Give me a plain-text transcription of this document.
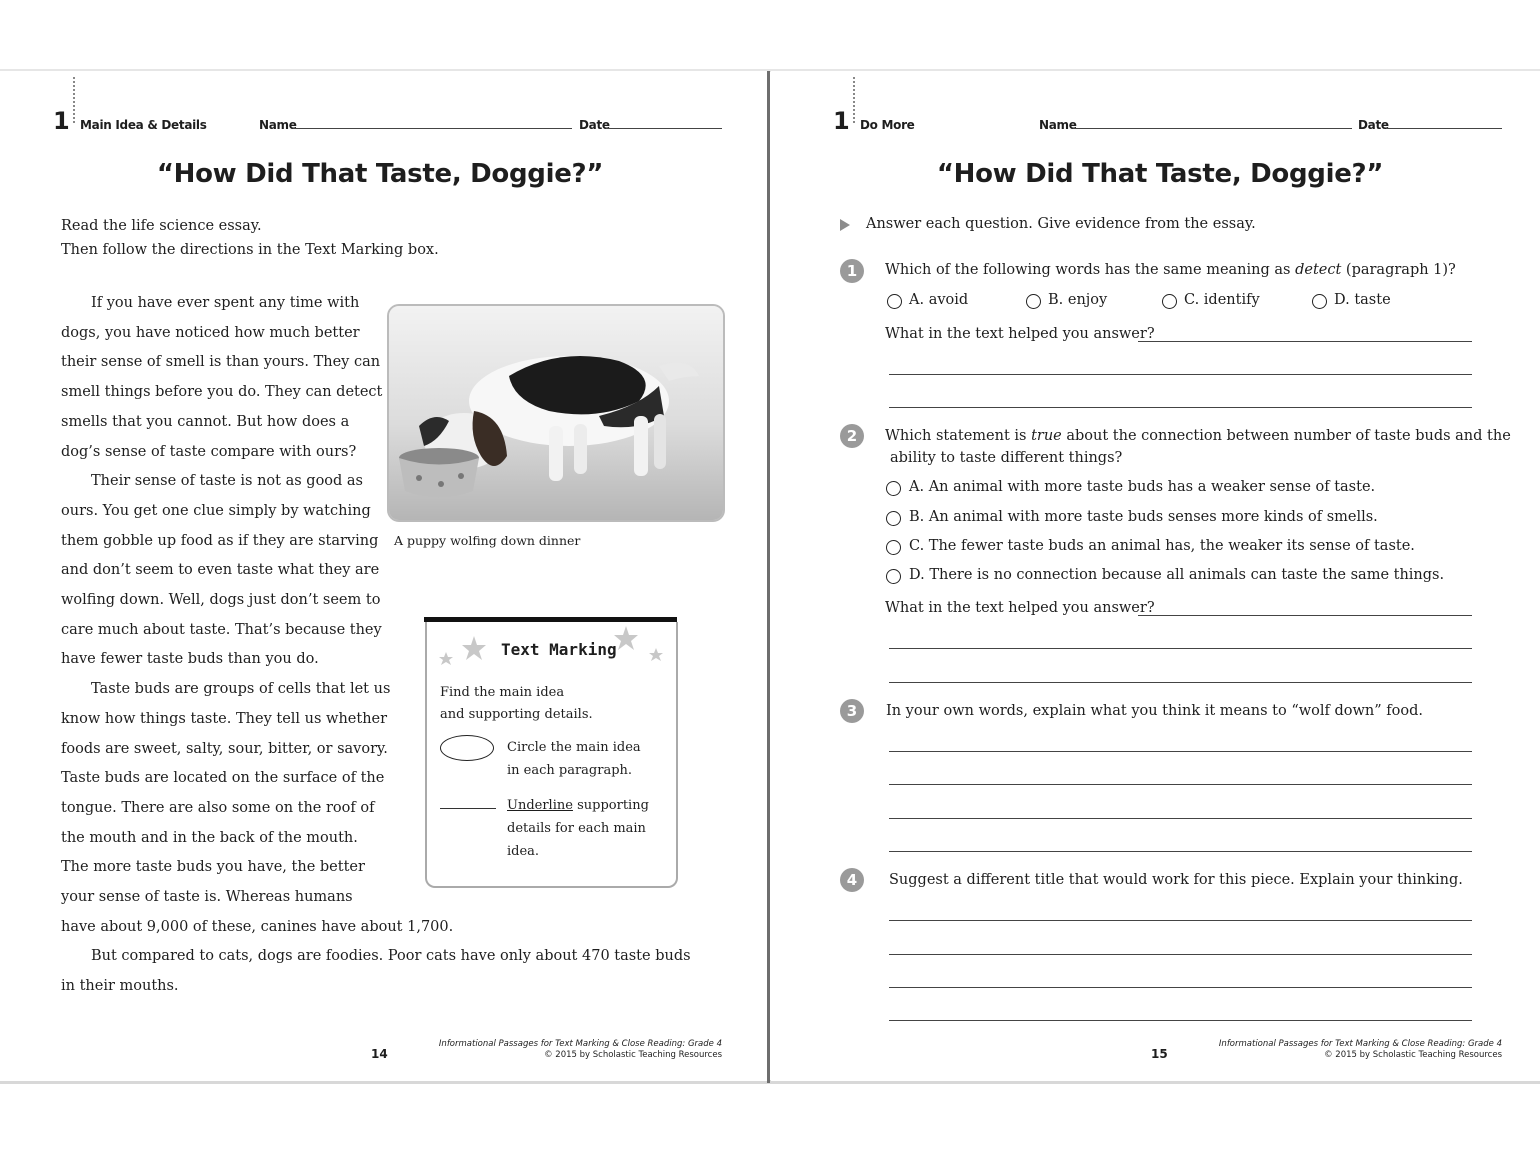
1 Main Idea & Details	Name	Date
“How Did That Taste, Doggie?”
Read the life science essay.
Then follow the directions in the Text Marking box.
If you have ever spent any time with
dogs, you have noticed how much better
their sense of smell is than yours. They can
smell things before you do. They can detect
smells that you cannot. But how does a
dog’s sense of taste compare with ours?
Their sense of taste is not as good as
ours. You get one clue simply by watching
them gobble up food as if they are starving
and don’t seem to even taste what they are
wolfing down. Well, dogs just don’t seem to
care much about taste. That’s because they
have fewer taste buds than you do.
Taste buds are groups of cells that let us
know how things taste. They tell us whether
foods are sweet, salty, sour, bitter, or savory.
Taste buds are located on the surface of the
tongue. There are also some on the roof of
the mouth and in the back of the mouth.
The more taste buds you have, the better
your sense of taste is. Whereas humans
have about 9,000 of these, canines have about 1,700.
But compared to cats, dogs are foodies. Poor cats have only about 470 taste buds
in their mouths.
A puppy wolfing down dinner
Text Marking
Find the main idea
and supporting details.
Circle the main idea
in each paragraph.
Underline supporting
details for each main
idea.
14
Informational Passages for Text Marking & Close Reading: Grade 4
© 2015 by Scholastic Teaching Resources
1 Do More	Name	Date
“How Did That Taste, Doggie?”
Answer each question. Give evidence from the essay.
1	Which of the following words has the same meaning as detect (paragraph 1)?
A. avoid	B. enjoy	C. identify	D. taste
What in the text helped you answer?
2	Which statement is true about the connection between number of taste buds and the
ability to taste different things?
A. An animal with more taste buds has a weaker sense of taste.
B. An animal with more taste buds senses more kinds of smells.
C. The fewer taste buds an animal has, the weaker its sense of taste.
D. There is no connection because all animals can taste the same things.
What in the text helped you answer?
3	In your own words, explain what you think it means to “wolf down” food.
4	Suggest a different title that would work for this piece. Explain your thinking.
15
Informational Passages for Text Marking & Close Reading: Grade 4
© 2015 by Scholastic Teaching Resources
